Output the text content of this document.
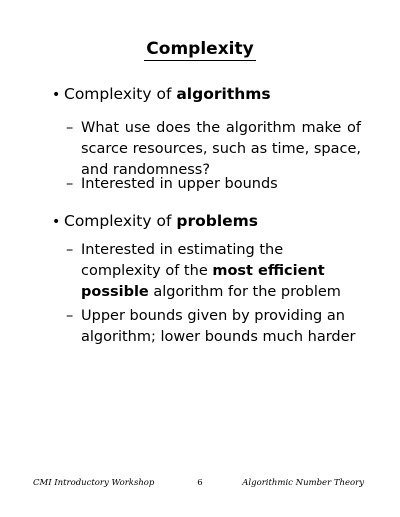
Complexity
• Complexity of algorithms
– What use does the algorithm make of scarce resources, such as time, space, and randomness?
– Interested in upper bounds
• Complexity of problems
– Interested in estimating the complexity of the most efficient possible algorithm for the problem
– Upper bounds given by providing an algorithm; lower bounds much harder
CMI Introductory Workshop	6	Algorithmic Number Theory
